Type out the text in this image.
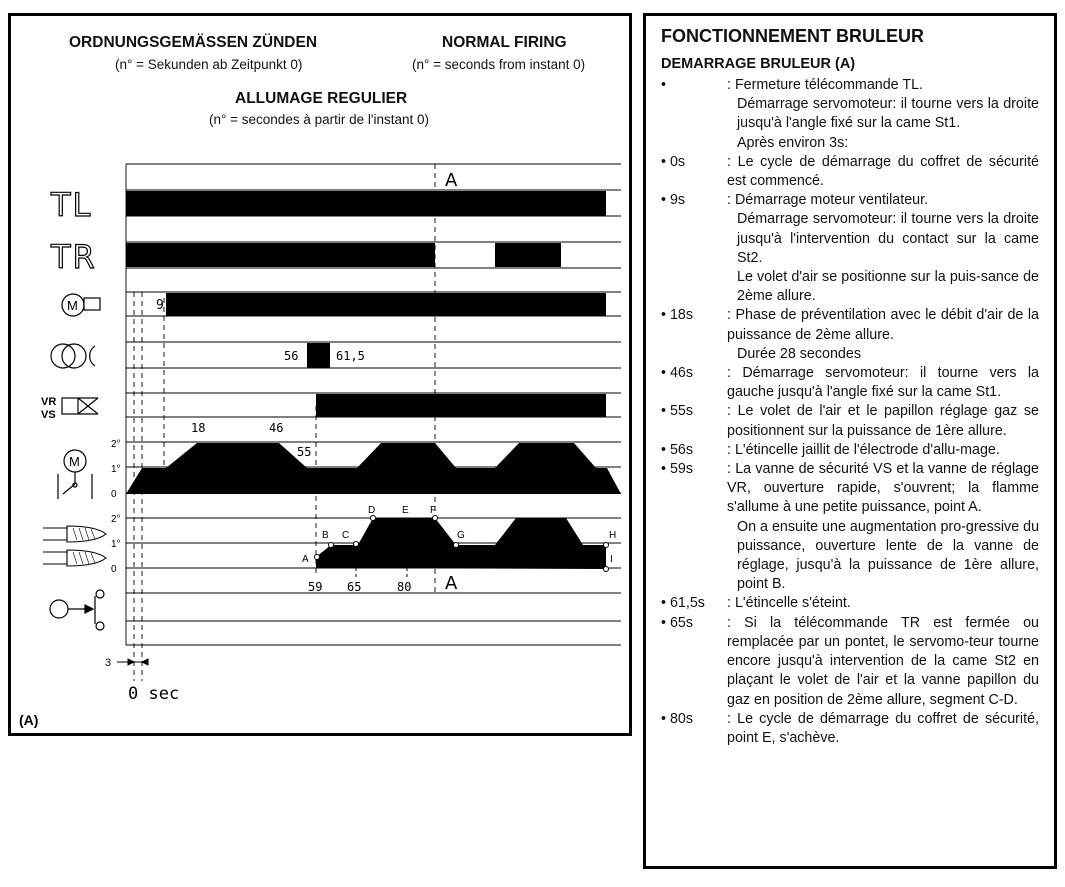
ORDNUNGSGEMÄSSEN ZÜNDEN
(n° = Sekunden ab Zeitpunkt 0)
NORMAL FIRING
(n° = seconds from instant 0)
ALLUMAGE REGULIER
(n° = secondes à partir de l'instant 0)
A
A
9
56	61,5
2°
1°
0
18	46
55
2°
1°
0
A
B C
D	E F
G	H
I
59 65	80
3
0 sec
(A)
TL
TR
M
VR
VS
M
FONCTIONNEMENT BRULEUR
DEMARRAGE BRULEUR (A)
•	: Fermeture télécommande TL.
Démarrage servomoteur: il tourne vers la droite jusqu'à l'angle fixé sur la came St1.
Après environ 3s:
• 0s	: Le cycle de démarrage du coffret de sécurité est commencé.
• 9s	: Démarrage moteur ventilateur.
Démarrage servomoteur: il tourne vers la droite jusqu'à l'intervention du contact sur la came St2.
Le volet d'air se positionne sur la puis-sance de 2ème allure.
• 18s	: Phase de préventilation avec le débit d'air de la puissance de 2ème allure.
Durée 28 secondes
• 46s	: Démarrage servomoteur: il tourne vers la gauche jusqu'à l'angle fixé sur la came St1.
• 55s	: Le volet de l'air et le papillon réglage gaz se positionnent sur la puissance de 1ère allure.
• 56s	: L'étincelle jaillit de l'électrode d'allu-mage.
• 59s	: La vanne de sécurité VS et la vanne de réglage VR, ouverture rapide, s'ouvrent; la flamme s'allume à une petite puissance, point A.
On a ensuite une augmentation pro-gressive du puissance, ouverture lente de la vanne de réglage, jusqu'à la puissance de 1ère allure, point B.
• 61,5s	: L'étincelle s'éteint.
• 65s	: Si la télécommande TR est fermée ou remplacée par un pontet, le servomo-teur tourne encore jusqu'à intervention de la came St2 en plaçant le volet de l'air et la vanne papillon du gaz en position de 2ème allure, segment C-D.
• 80s	: Le cycle de démarrage du coffret de sécurité, point E, s'achève.
